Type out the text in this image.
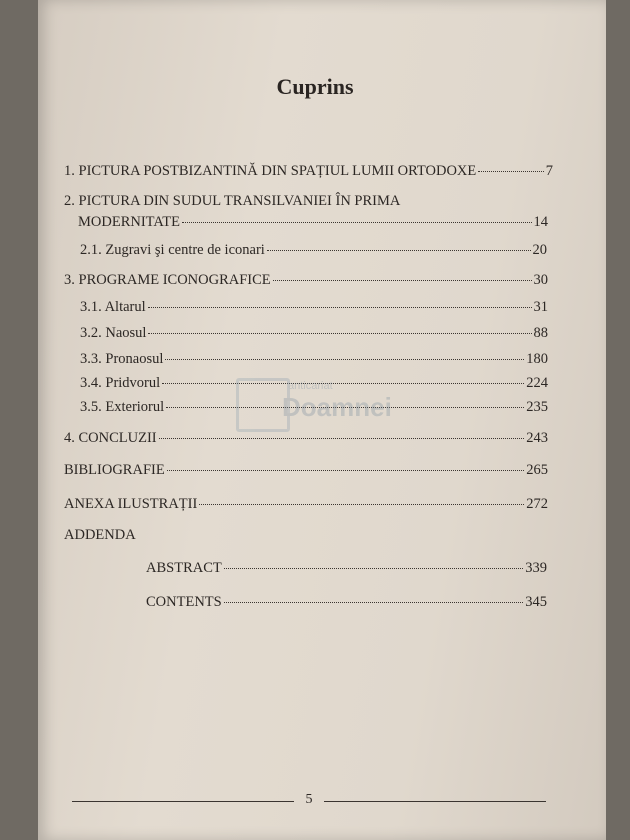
Cuprins
1. PICTURA POSTBIZANTINĂ DIN SPAȚIUL LUMII ORTODOXE	7
2. PICTURA DIN SUDUL TRANSILVANIEI ÎN PRIMA
MODERNITATE	14
2.1. Zugravi şi centre de iconari	20
3. PROGRAME ICONOGRAFICE	30
3.1. Altarul	31
3.2. Naosul	88
3.3. Pronaosul	180
3.4. Pridvorul	224
3.5. Exteriorul	235
4. CONCLUZII	243
BIBLIOGRAFIE	265
ANEXA ILUSTRAȚII	272
ADDENDA
ABSTRACT	339
CONTENTS	345
anticariat
Doamnei
5
